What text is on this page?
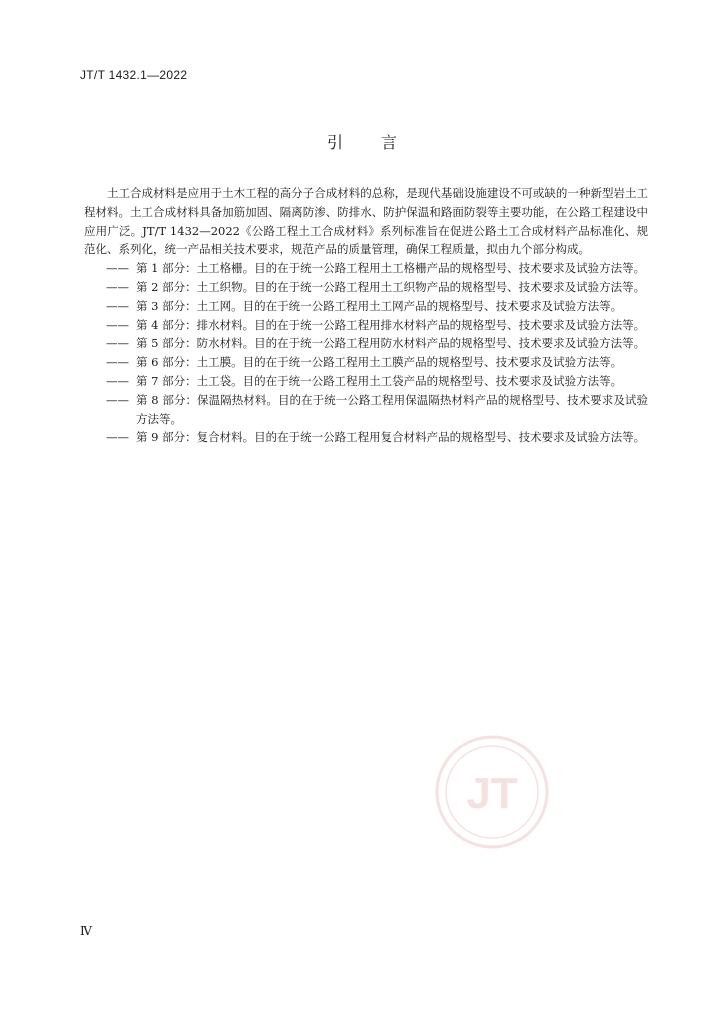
JT/T 1432.1—2022
引言

土工合成材料是应用于土木工程的高分子合成材料的总称，是现代基础设施建设不可或缺的一种新型岩土工程材料。土工合成材料具备加筋加固、隔离防渗、防排水、防护保温和路面防裂等主要功能，在公路工程建设中应用广泛。JT/T 1432—2022《公路工程土工合成材料》系列标准旨在促进公路土工合成材料产品标准化、规范化、系列化，统一产品相关技术要求，规范产品的质量管理，确保工程质量，拟由九个部分构成。

—— 第 1 部分：土工格栅。目的在于统一公路工程用土工格栅产品的规格型号、技术要求及试验方法等。
—— 第 2 部分：土工织物。目的在于统一公路工程用土工织物产品的规格型号、技术要求及试验方法等。
—— 第 3 部分：土工网。目的在于统一公路工程用土工网产品的规格型号、技术要求及试验方法等。
—— 第 4 部分：排水材料。目的在于统一公路工程用排水材料产品的规格型号、技术要求及试验方法等。
—— 第 5 部分：防水材料。目的在于统一公路工程用防水材料产品的规格型号、技术要求及试验方法等。
—— 第 6 部分：土工膜。目的在于统一公路工程用土工膜产品的规格型号、技术要求及试验方法等。
—— 第 7 部分：土工袋。目的在于统一公路工程用土工袋产品的规格型号、技术要求及试验方法等。
—— 第 8 部分：保温隔热材料。目的在于统一公路工程用保温隔热材料产品的规格型号、技术要求及试验方法等。
—— 第 9 部分：复合材料。目的在于统一公路工程用复合材料产品的规格型号、技术要求及试验方法等。
JT
Ⅳ
